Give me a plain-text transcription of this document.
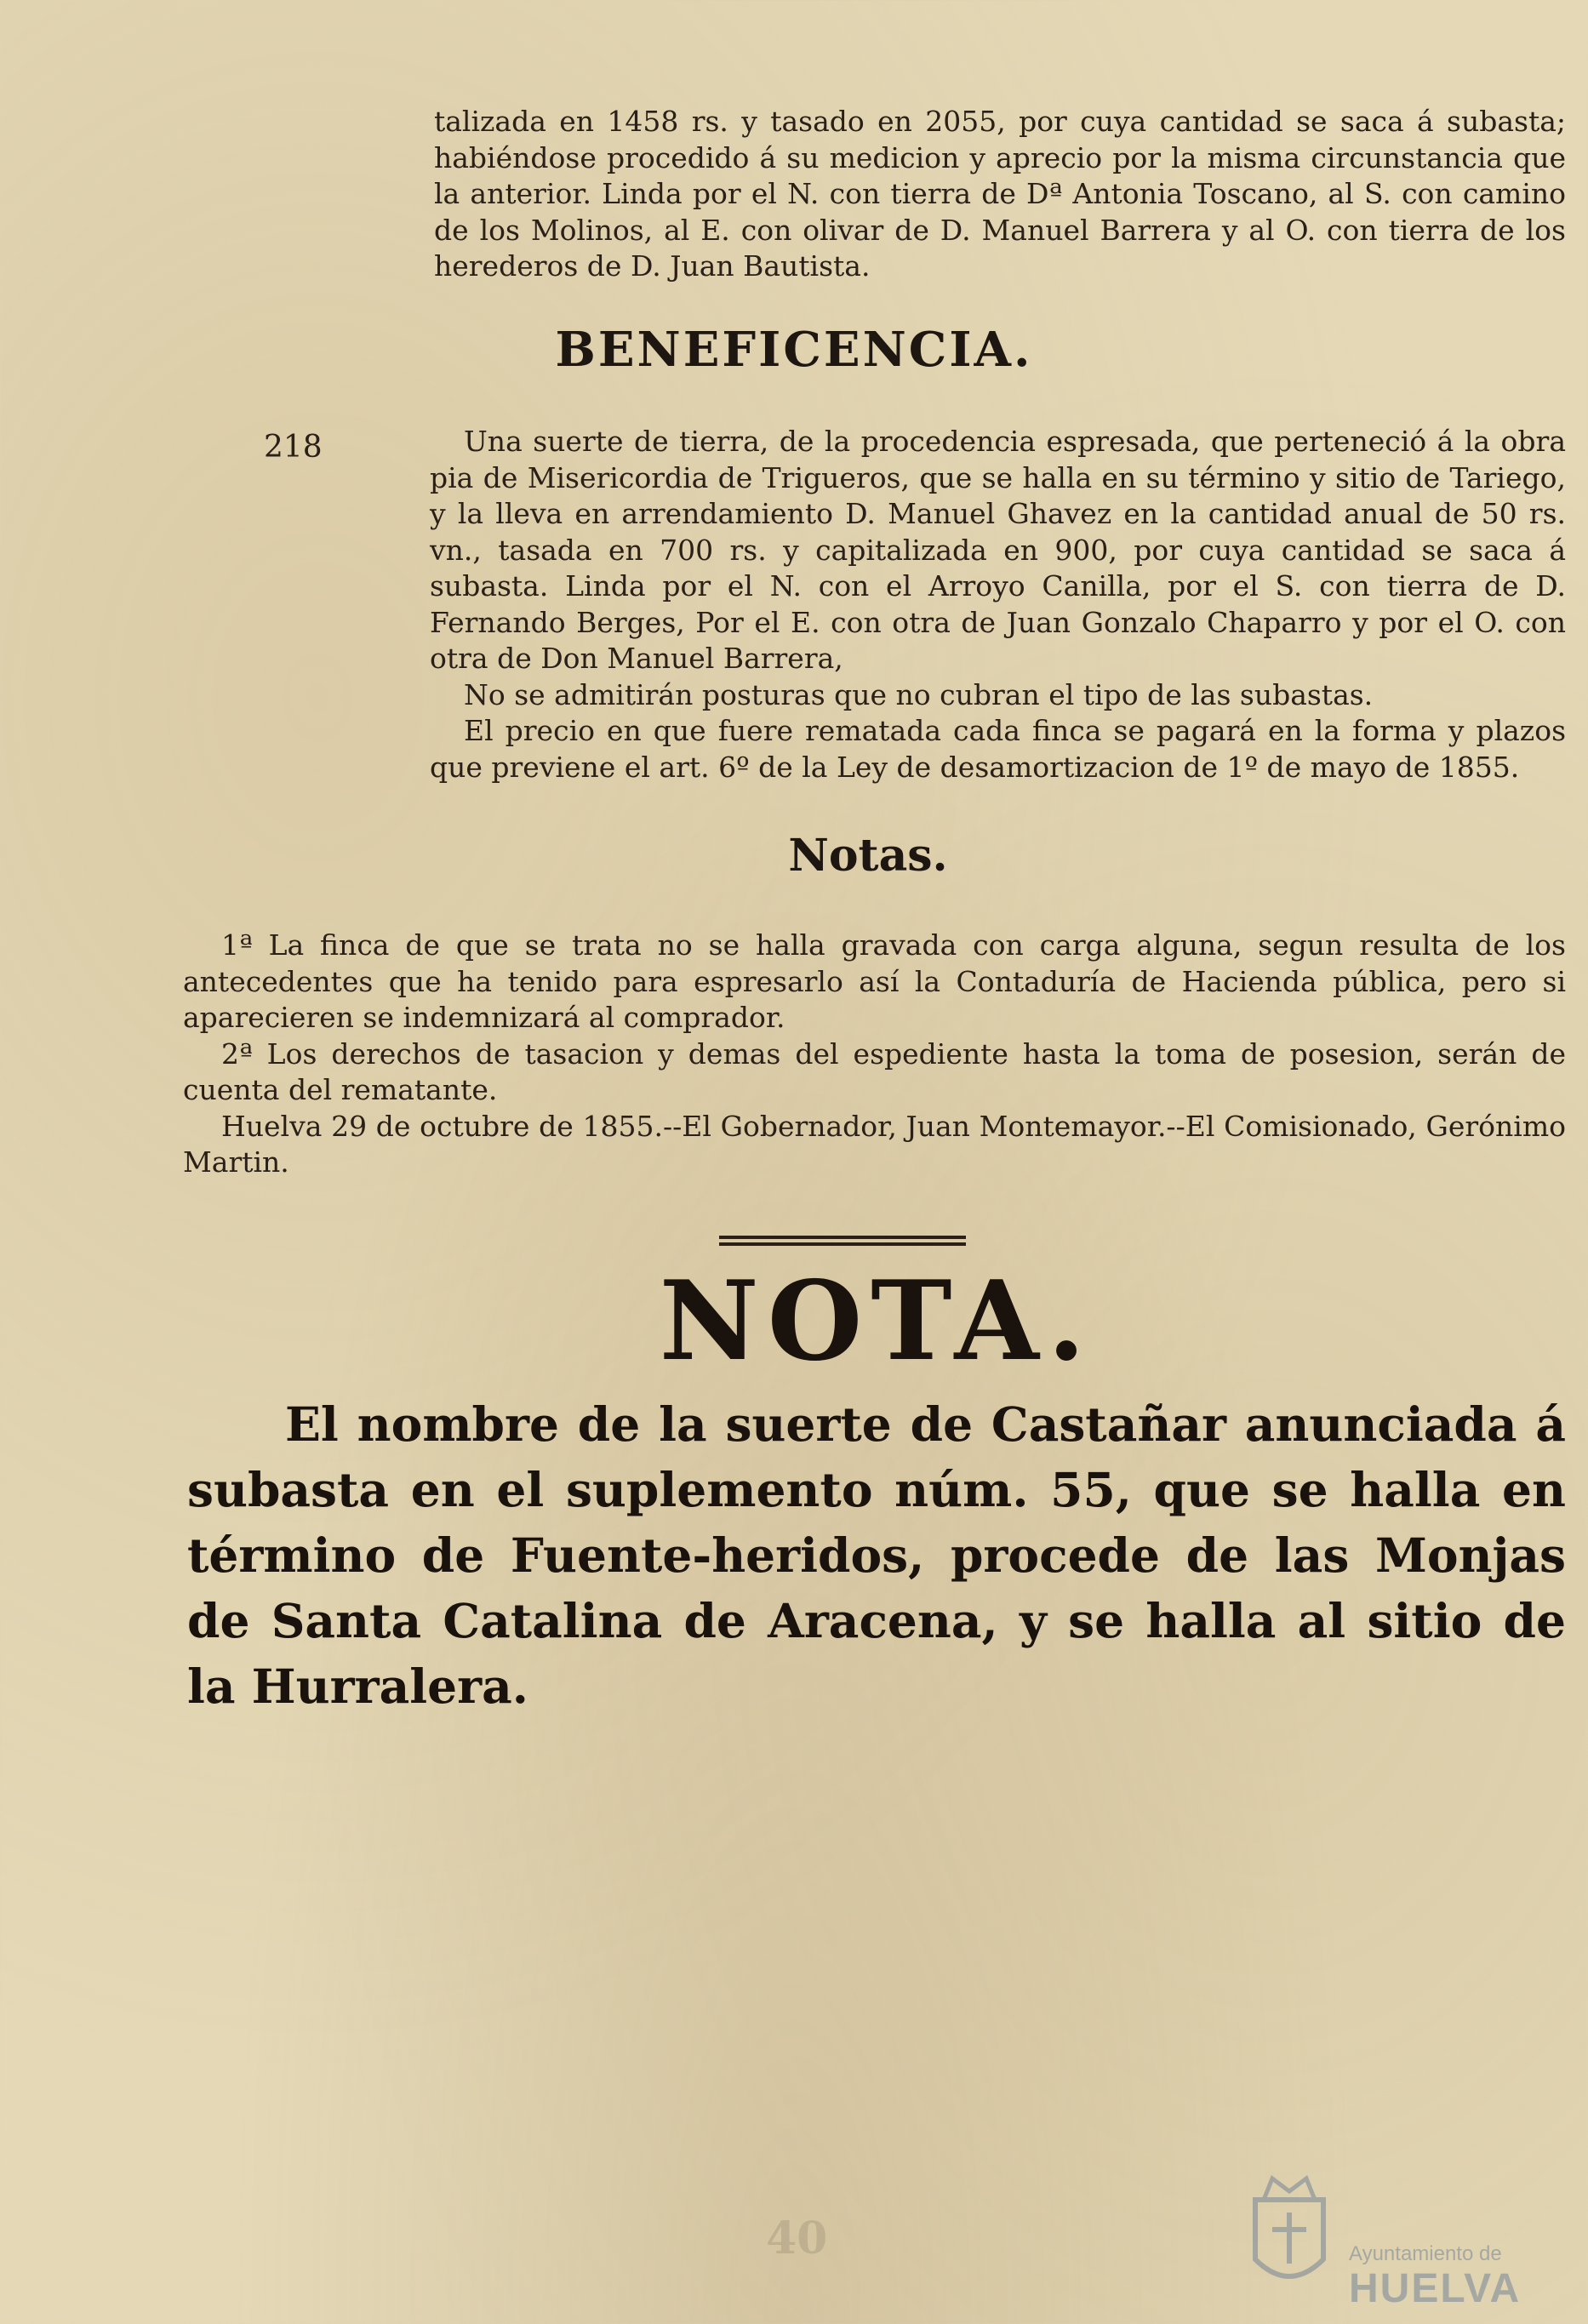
talizada en 1458 rs. y tasado en 2055, por cuya cantidad se saca á subasta; habiéndose procedido á su medicion y aprecio por la misma circunstancia que la anterior. Linda por el N. con tierra de Dª Antonia Toscano, al S. con camino de los Molinos, al E. con olivar de D. Manuel Barrera y al O. con tierra de los herederos de D. Juan Bautista.

BENEFICENCIA.
218	Una suerte de tierra, de la procedencia espresada, que perteneció á la obra pia de Misericordia de Trigueros, que se halla en su término y sitio de Tariego, y la lleva en arrendamiento D. Manuel Ghavez en la cantidad anual de 50 rs. vn., tasada en 700 rs. y capitalizada en 900, por cuya cantidad se saca á subasta. Linda por el N. con el Arroyo Canilla, por el S. con tierra de D. Fernando Berges, Por el E. con otra de Juan Gonzalo Chaparro y por el O. con otra de Don Manuel Barrera,

No se admitirán posturas que no cubran el tipo de las subastas.

El precio en que fuere rematada cada finca se pagará en la forma y plazos que previene el art. 6º de la Ley de desamortizacion de 1º de mayo de 1855.

Notas.

1ª La finca de que se trata no se halla gravada con carga alguna, segun resulta de los antecedentes que ha tenido para espresarlo así la Contaduría de Hacienda pública, pero si aparecieren se indemnizará al comprador.

2ª Los derechos de tasacion y demas del espediente hasta la toma de posesion, serán de cuenta del rematante.

Huelva 29 de octubre de 1855.--El Gobernador, Juan Montemayor.--El Comisionado, Gerónimo Martin.

NOTA.

El nombre de la suerte de Castañar anunciada á subasta en el suplemento núm. 55, que se halla en término de Fuente-heridos, procede de las Monjas de Santa Catalina de Aracena, y se halla al sitio de la Hurralera.

40	Ayuntamiento de
HUELVA
